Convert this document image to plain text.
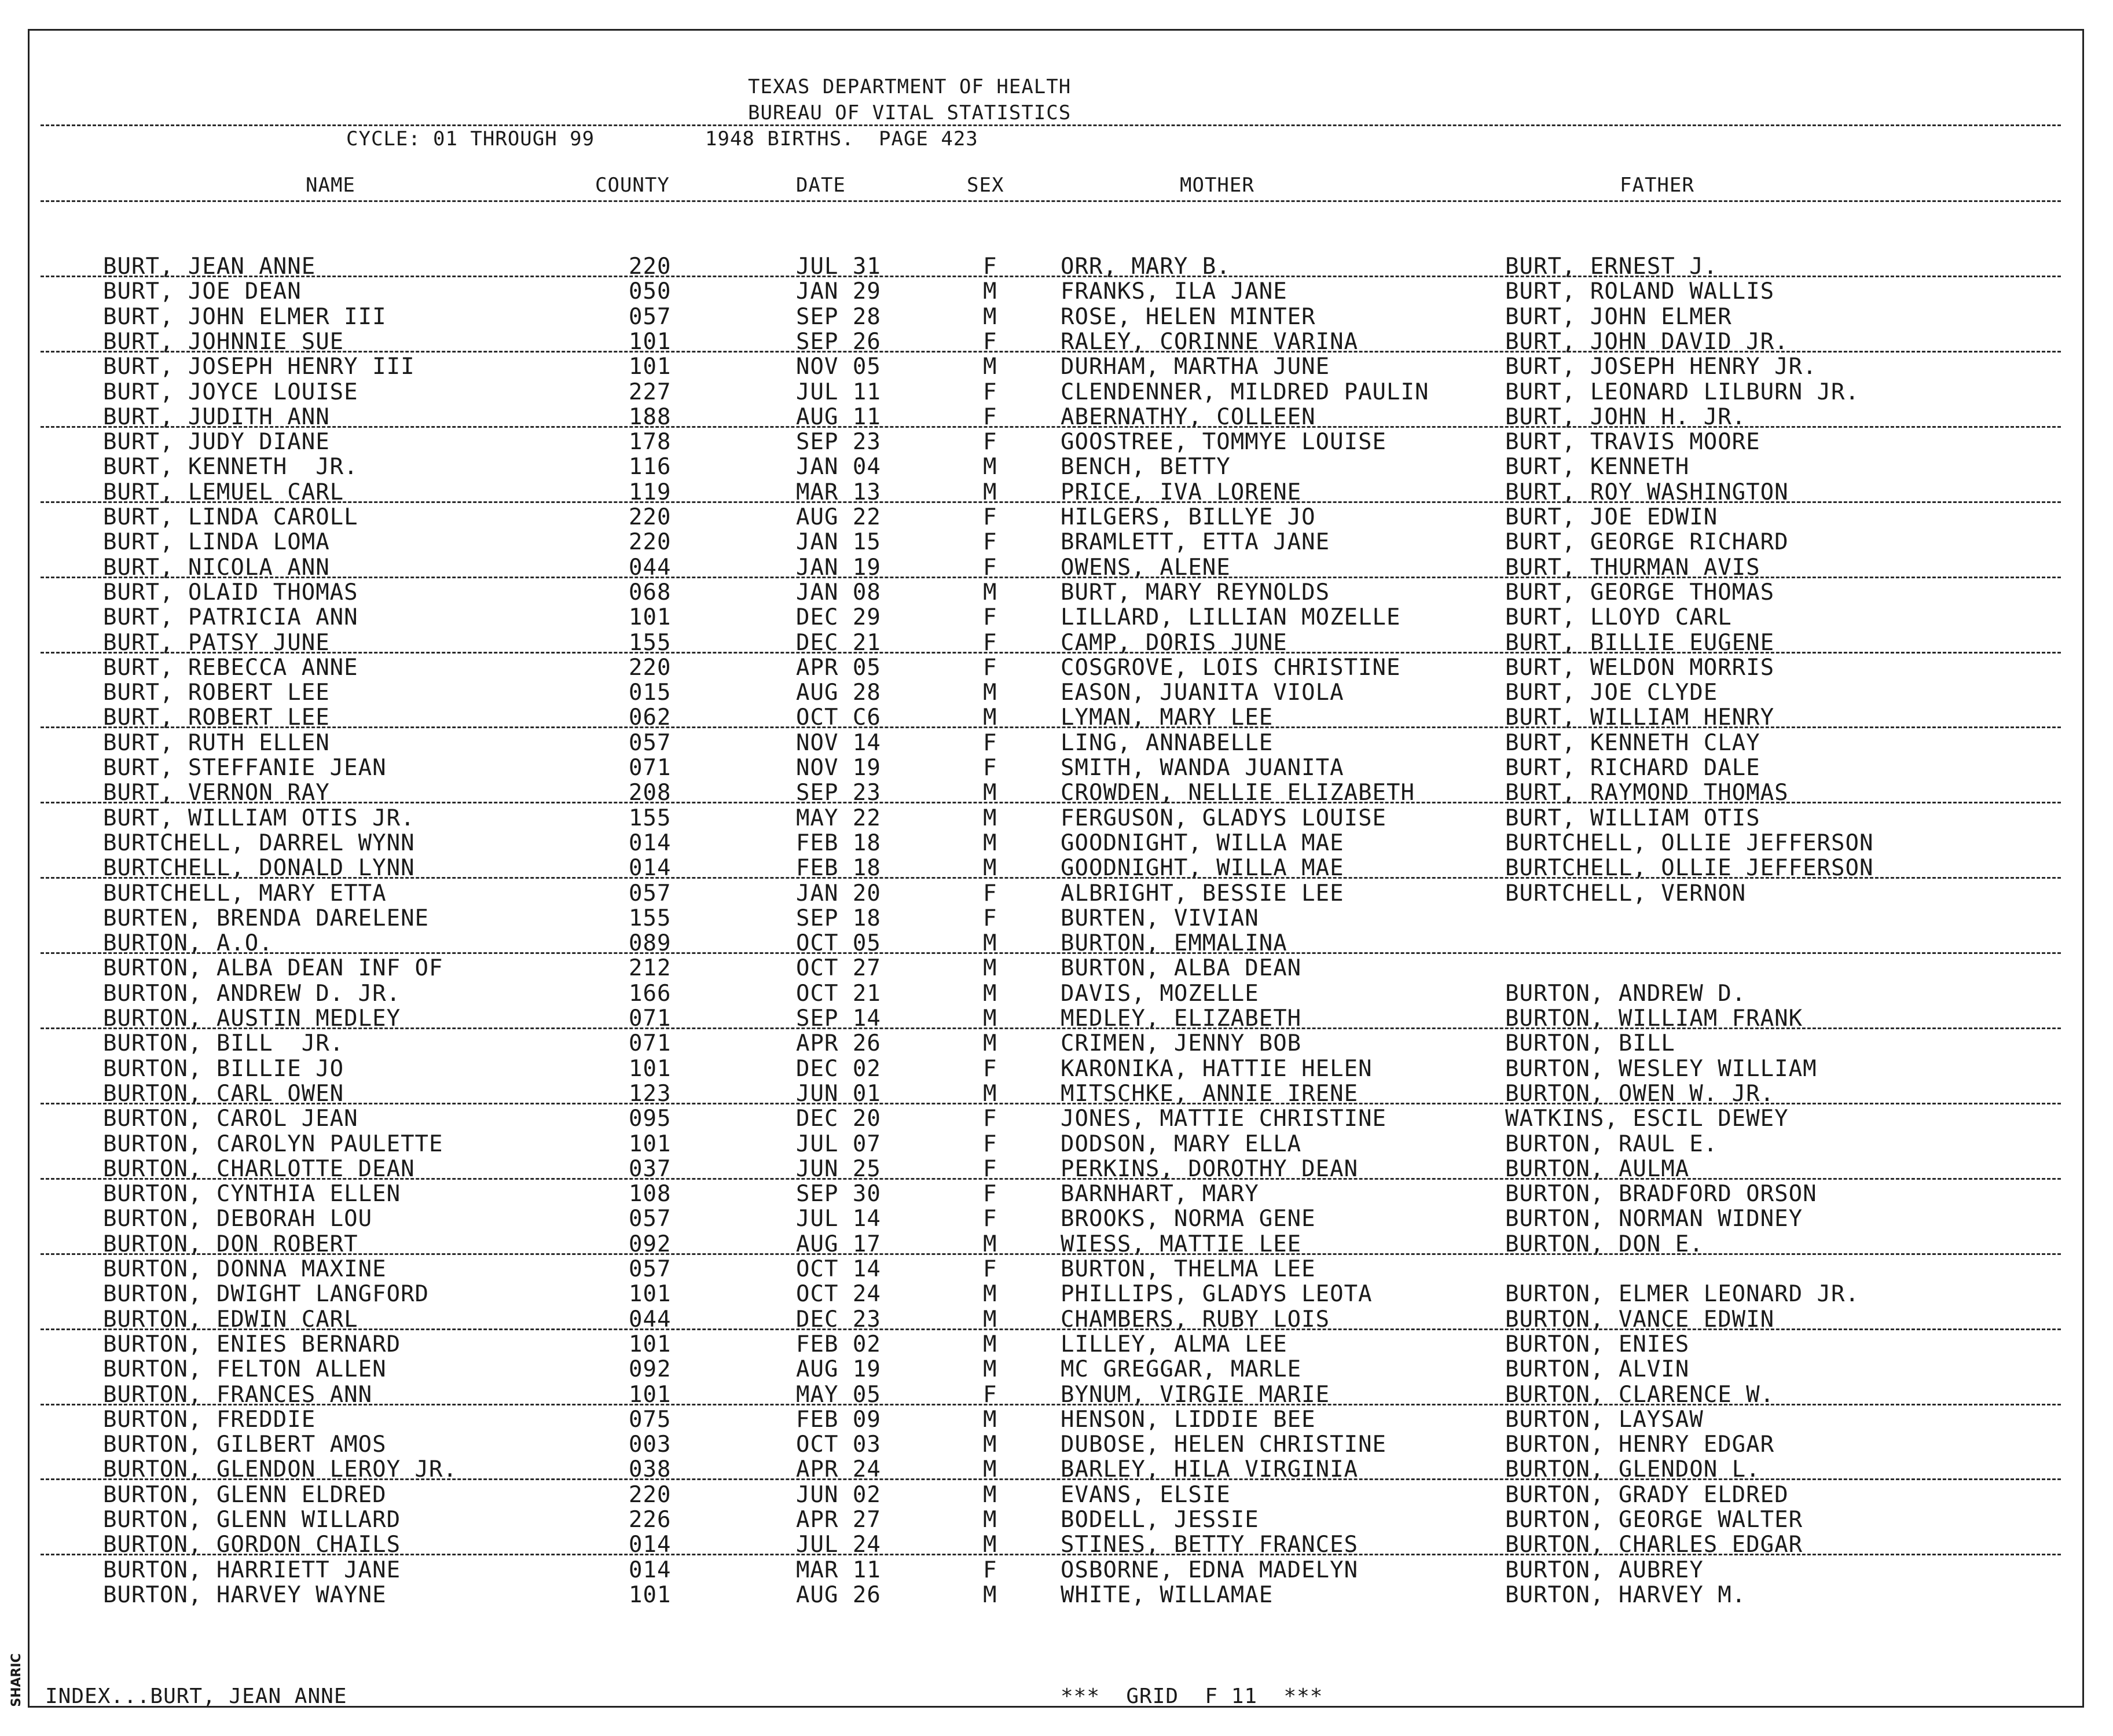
SHARIC
TEXAS DEPARTMENT OF HEALTH
BUREAU OF VITAL STATISTICS
CYCLE: 01 THROUGH 99	1948 BIRTHS. PAGE 423
NAME	COUNTY	DATE	SEX	MOTHER	FATHER
BURT, JEAN ANNE	220	JUL 31	F	ORR, MARY B.	BURT, ERNEST J.
BURT, JOE DEAN	050	JAN 29	M	FRANKS, ILA JANE	BURT, ROLAND WALLIS
BURT, JOHN ELMER III	057	SEP 28	M	ROSE, HELEN MINTER	BURT, JOHN ELMER
BURT, JOHNNIE SUE	101	SEP 26	F	RALEY, CORINNE VARINA	BURT, JOHN DAVID JR.
BURT, JOSEPH HENRY III	101	NOV 05	M	DURHAM, MARTHA JUNE	BURT, JOSEPH HENRY JR.
BURT, JOYCE LOUISE	227	JUL 11	F	CLENDENNER, MILDRED PAULIN	BURT, LEONARD LILBURN JR.
BURT, JUDITH ANN	188	AUG 11	F	ABERNATHY, COLLEEN	BURT, JOHN H. JR.
BURT, JUDY DIANE	178	SEP 23	F	GOOSTREE, TOMMYE LOUISE	BURT, TRAVIS MOORE
BURT, KENNETH  JR.	116	JAN 04	M	BENCH, BETTY	BURT, KENNETH
BURT, LEMUEL CARL	119	MAR 13	M	PRICE, IVA LORENE	BURT, ROY WASHINGTON
BURT, LINDA CAROLL	220	AUG 22	F	HILGERS, BILLYE JO	BURT, JOE EDWIN
BURT, LINDA LOMA	220	JAN 15	F	BRAMLETT, ETTA JANE	BURT, GEORGE RICHARD
BURT, NICOLA ANN	044	JAN 19	F	OWENS, ALENE	BURT, THURMAN AVIS
BURT, OLAID THOMAS	068	JAN 08	M	BURT, MARY REYNOLDS	BURT, GEORGE THOMAS
BURT, PATRICIA ANN	101	DEC 29	F	LILLARD, LILLIAN MOZELLE	BURT, LLOYD CARL
BURT, PATSY JUNE	155	DEC 21	F	CAMP, DORIS JUNE	BURT, BILLIE EUGENE
BURT, REBECCA ANNE	220	APR 05	F	COSGROVE, LOIS CHRISTINE	BURT, WELDON MORRIS
BURT, ROBERT LEE	015	AUG 28	M	EASON, JUANITA VIOLA	BURT, JOE CLYDE
BURT, ROBERT LEE	062	OCT C6	M	LYMAN, MARY LEE	BURT, WILLIAM HENRY
BURT, RUTH ELLEN	057	NOV 14	F	LING, ANNABELLE	BURT, KENNETH CLAY
BURT, STEFFANIE JEAN	071	NOV 19	F	SMITH, WANDA JUANITA	BURT, RICHARD DALE
BURT, VERNON RAY	208	SEP 23	M	CROWDEN, NELLIE ELIZABETH	BURT, RAYMOND THOMAS
BURT, WILLIAM OTIS JR.	155	MAY 22	M	FERGUSON, GLADYS LOUISE	BURT, WILLIAM OTIS
BURTCHELL, DARREL WYNN	014	FEB 18	M	GOODNIGHT, WILLA MAE	BURTCHELL, OLLIE JEFFERSON
BURTCHELL, DONALD LYNN	014	FEB 18	M	GOODNIGHT, WILLA MAE	BURTCHELL, OLLIE JEFFERSON
BURTCHELL, MARY ETTA	057	JAN 20	F	ALBRIGHT, BESSIE LEE	BURTCHELL, VERNON
BURTEN, BRENDA DARELENE	155	SEP 18	F	BURTEN, VIVIAN
BURTON, A.O.	089	OCT 05	M	BURTON, EMMALINA
BURTON, ALBA DEAN INF OF	212	OCT 27	M	BURTON, ALBA DEAN
BURTON, ANDREW D. JR.	166	OCT 21	M	DAVIS, MOZELLE	BURTON, ANDREW D.
BURTON, AUSTIN MEDLEY	071	SEP 14	M	MEDLEY, ELIZABETH	BURTON, WILLIAM FRANK
BURTON, BILL  JR.	071	APR 26	M	CRIMEN, JENNY BOB	BURTON, BILL
BURTON, BILLIE JO	101	DEC 02	F	KARONIKA, HATTIE HELEN	BURTON, WESLEY WILLIAM
BURTON, CARL OWEN	123	JUN 01	M	MITSCHKE, ANNIE IRENE	BURTON, OWEN W. JR.
BURTON, CAROL JEAN	095	DEC 20	F	JONES, MATTIE CHRISTINE	WATKINS, ESCIL DEWEY
BURTON, CAROLYN PAULETTE	101	JUL 07	F	DODSON, MARY ELLA	BURTON, RAUL E.
BURTON, CHARLOTTE DEAN	037	JUN 25	F	PERKINS, DOROTHY DEAN	BURTON, AULMA
BURTON, CYNTHIA ELLEN	108	SEP 30	F	BARNHART, MARY	BURTON, BRADFORD ORSON
BURTON, DEBORAH LOU	057	JUL 14	F	BROOKS, NORMA GENE	BURTON, NORMAN WIDNEY
BURTON, DON ROBERT	092	AUG 17	M	WIESS, MATTIE LEE	BURTON, DON E.
BURTON, DONNA MAXINE	057	OCT 14	F	BURTON, THELMA LEE
BURTON, DWIGHT LANGFORD	101	OCT 24	M	PHILLIPS, GLADYS LEOTA	BURTON, ELMER LEONARD JR.
BURTON, EDWIN CARL	044	DEC 23	M	CHAMBERS, RUBY LOIS	BURTON, VANCE EDWIN
BURTON, ENIES BERNARD	101	FEB 02	M	LILLEY, ALMA LEE	BURTON, ENIES
BURTON, FELTON ALLEN	092	AUG 19	M	MC GREGGAR, MARLE	BURTON, ALVIN
BURTON, FRANCES ANN	101	MAY 05	F	BYNUM, VIRGIE MARIE	BURTON, CLARENCE W.
BURTON, FREDDIE	075	FEB 09	M	HENSON, LIDDIE BEE	BURTON, LAYSAW
BURTON, GILBERT AMOS	003	OCT 03	M	DUBOSE, HELEN CHRISTINE	BURTON, HENRY EDGAR
BURTON, GLENDON LEROY JR.	038	APR 24	M	BARLEY, HILA VIRGINIA	BURTON, GLENDON L.
BURTON, GLENN ELDRED	220	JUN 02	M	EVANS, ELSIE	BURTON, GRADY ELDRED
BURTON, GLENN WILLARD	226	APR 27	M	BODELL, JESSIE	BURTON, GEORGE WALTER
BURTON, GORDON CHAILS	014	JUL 24	M	STINES, BETTY FRANCES	BURTON, CHARLES EDGAR
BURTON, HARRIETT JANE	014	MAR 11	F	OSBORNE, EDNA MADELYN	BURTON, AUBREY
BURTON, HARVEY WAYNE	101	AUG 26	M	WHITE, WILLAMAE	BURTON, HARVEY M.
INDEX...BURT, JEAN ANNE	***  GRID  F 11  ***
